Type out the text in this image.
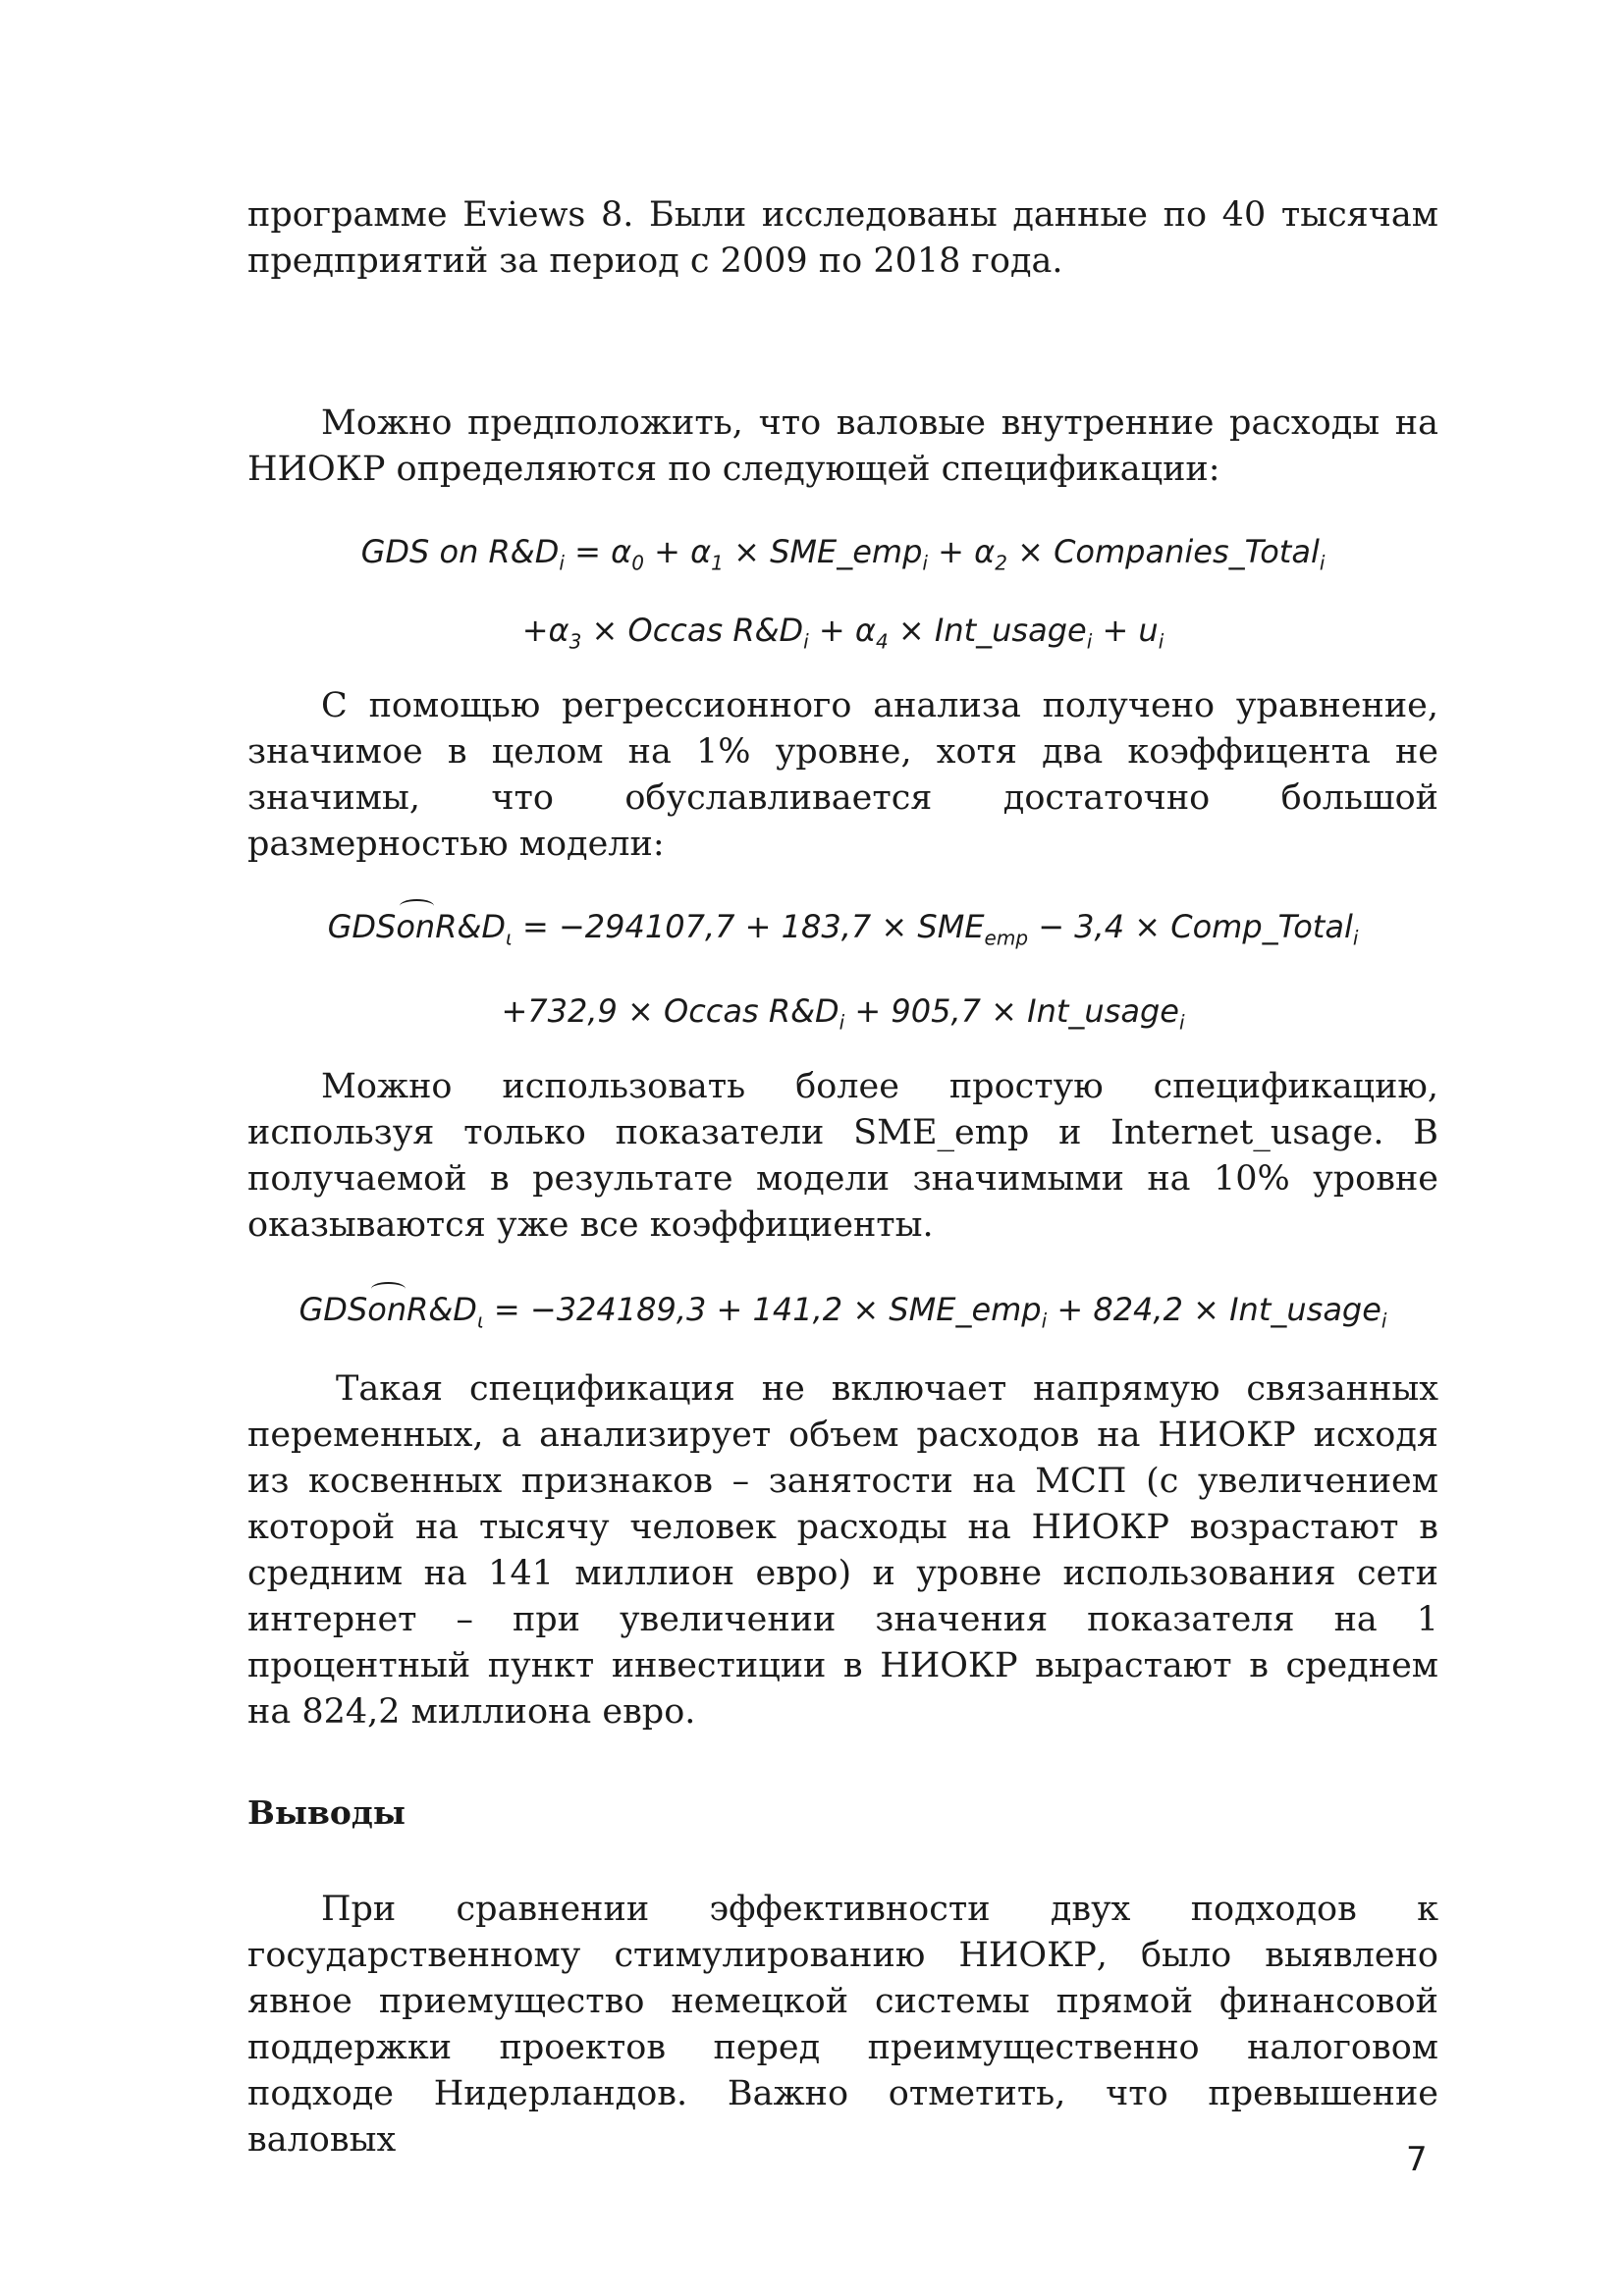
программе Eviews 8. Были исследованы данные по 40 тысячам предприятий за период с 2009 по 2018 года.

Можно предположить, что валовые внутренние расходы на НИОКР определяются по следующей спецификации:

GDS on $R\&D_i = \alpha_0 + \alpha_1$ × SME_emp$_i$ + $\alpha_2$ × Companies_Total$_i$

$+\alpha_3$ × Occas $R\&D_i + \alpha_4$ × Int_usage$_i$ + $u_i$

С помощью регрессионного анализа получено уравнение, значимое в целом на 1% уровне, хотя два коэффицента не значимы, что обуславливается достаточно большой размерностью модели:

$GDSonR\&D_\iota = -294107,7 + 183,7 \times SME_{emp} - 3,4$ × Comp_Total$_i$

+732,9 × Occas $R\&D_i + 905,7$ × Int_usage$_i$

Можно использовать более простую спецификацию, используя только показатели SME_emp и Internet_usage. В получаемой в результате модели значимыми на 10% уровне оказываются уже все коэффициенты.

$GDSonR\&D_\iota = -324189,3 + 141,2$ × SME_emp$_i$ + 824,2 × Int_usage$_i$

Такая спецификация не включает напрямую связанных переменных, а анализирует объем расходов на НИОКР исходя из косвенных признаков – занятости на МСП (с увеличением которой на тысячу человек расходы на НИОКР возрастают в средним на 141 миллион евро) и уровне использования сети интернет – при увеличении значения показателя на 1 процентный пункт инвестиции в НИОКР вырастают в среднем на 824,2 миллиона евро.

Выводы

При сравнении эффективности двух подходов к государственному стимулированию НИОКР, было выявлено явное приемущество немецкой системы прямой финансовой поддержки проектов перед преимущественно налоговом подходе Нидерландов. Важно отметить, что превышение валовых	7
